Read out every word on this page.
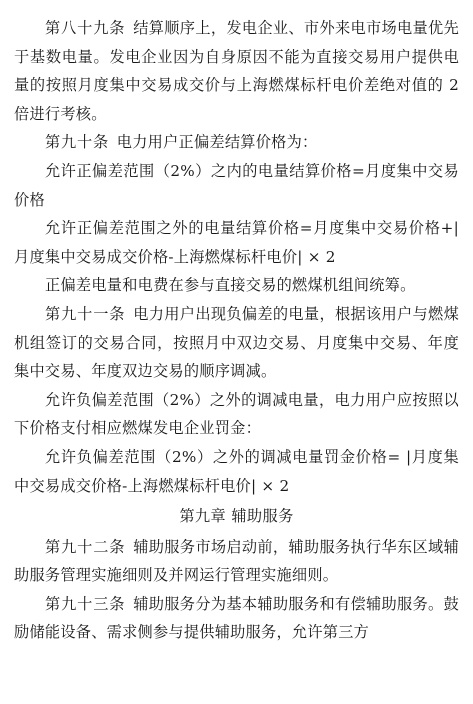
第八十九条  结算顺序上，发电企业、市外来电市场电量优先于基数电量。发电企业因为自身原因不能为直接交易用户提供电量的按照月度集中交易成交价与上海燃煤标杆电价差绝对值的 2 倍进行考核。

第九十条  电力用户正偏差结算价格为：

允许正偏差范围（2%）之内的电量结算价格=月度集中交易价格

允许正偏差范围之外的电量结算价格=月度集中交易价格+|月度集中交易成交价格-上海燃煤标杆电价| × 2

正偏差电量和电费在参与直接交易的燃煤机组间统筹。

第九十一条  电力用户出现负偏差的电量，根据该用户与燃煤机组签订的交易合同，按照月中双边交易、月度集中交易、年度集中交易、年度双边交易的顺序调减。

允许负偏差范围（2%）之外的调减电量，电力用户应按照以下价格支付相应燃煤发电企业罚金：

允许负偏差范围（2%）之外的调减电量罚金价格= |月度集中交易成交价格-上海燃煤标杆电价| × 2

第九章 辅助服务

第九十二条  辅助服务市场启动前，辅助服务执行华东区域辅助服务管理实施细则及并网运行管理实施细则。

第九十三条  辅助服务分为基本辅助服务和有偿辅助服务。鼓励储能设备、需求侧参与提供辅助服务，允许第三方
